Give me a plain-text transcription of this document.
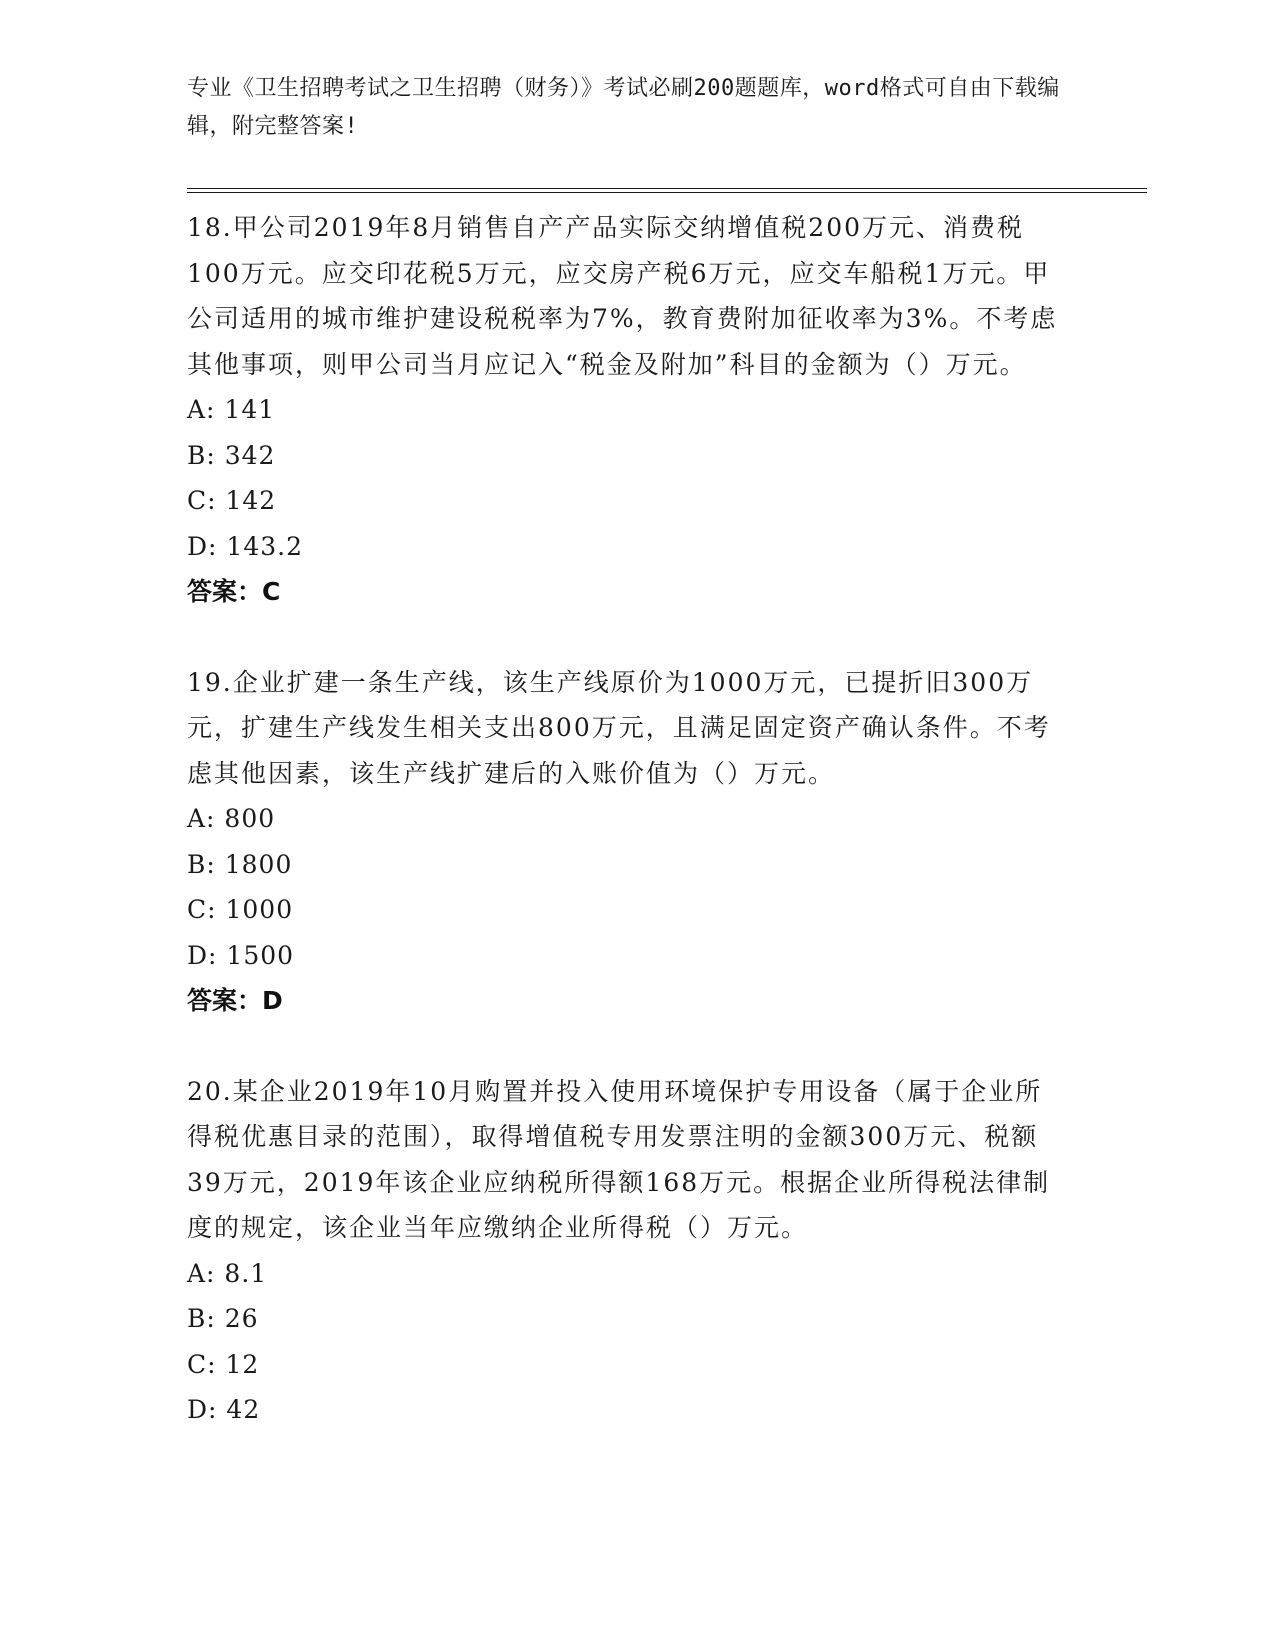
专业《卫生招聘考试之卫生招聘（财务）》考试必刷200题题库，word格式可自由下载编辑，附完整答案!

18.甲公司2019年8月销售自产产品实际交纳增值税200万元、消费税100万元。应交印花税5万元，应交房产税6万元，应交车船税1万元。甲公司适用的城市维护建设税税率为7%，教育费附加征收率为3%。不考虑其他事项，则甲公司当月应记入“税金及附加”科目的金额为（）万元。

A: 141

B: 342

C: 142

D: 143.2

答案：C

19.企业扩建一条生产线，该生产线原价为1000万元，已提折旧300万元，扩建生产线发生相关支出800万元，且满足固定资产确认条件。不考虑其他因素，该生产线扩建后的入账价值为（）万元。

A: 800

B: 1800

C: 1000

D: 1500

答案：D

20.某企业2019年10月购置并投入使用环境保护专用设备（属于企业所得税优惠目录的范围），取得增值税专用发票注明的金额300万元、税额39万元，2019年该企业应纳税所得额168万元。根据企业所得税法律制度的规定，该企业当年应缴纳企业所得税（）万元。

A: 8.1

B: 26

C: 12

D: 42
